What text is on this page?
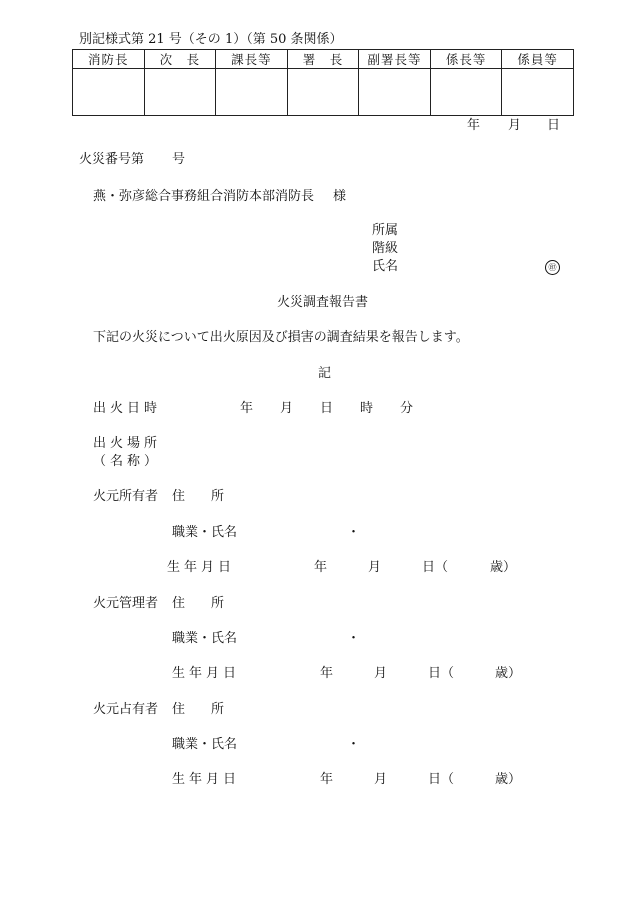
別記様式第 21 号（その 1）（第 50 条関係）
消防長	次　長	課長等	署　長	副署長等	係長等	係員等

年 月 日
火災番号第 号
燕・弥彦総合事務組合消防本部消防長 様
所属
階級
氏名	㊞
火災調査報告書
下記の火災について出火原因及び損害の調査結果を報告します。
記
出火日時	年 月 日 時 分
出火場所
（名称）
火元所有者 住　　所
職業・氏名	・
生年月日	年	月	日（	歳）
火元管理者 住　　所
職業・氏名	・
生年月日	年	月	日（	歳）
火元占有者 住　　所
職業・氏名	・
生年月日	年	月	日（	歳）
